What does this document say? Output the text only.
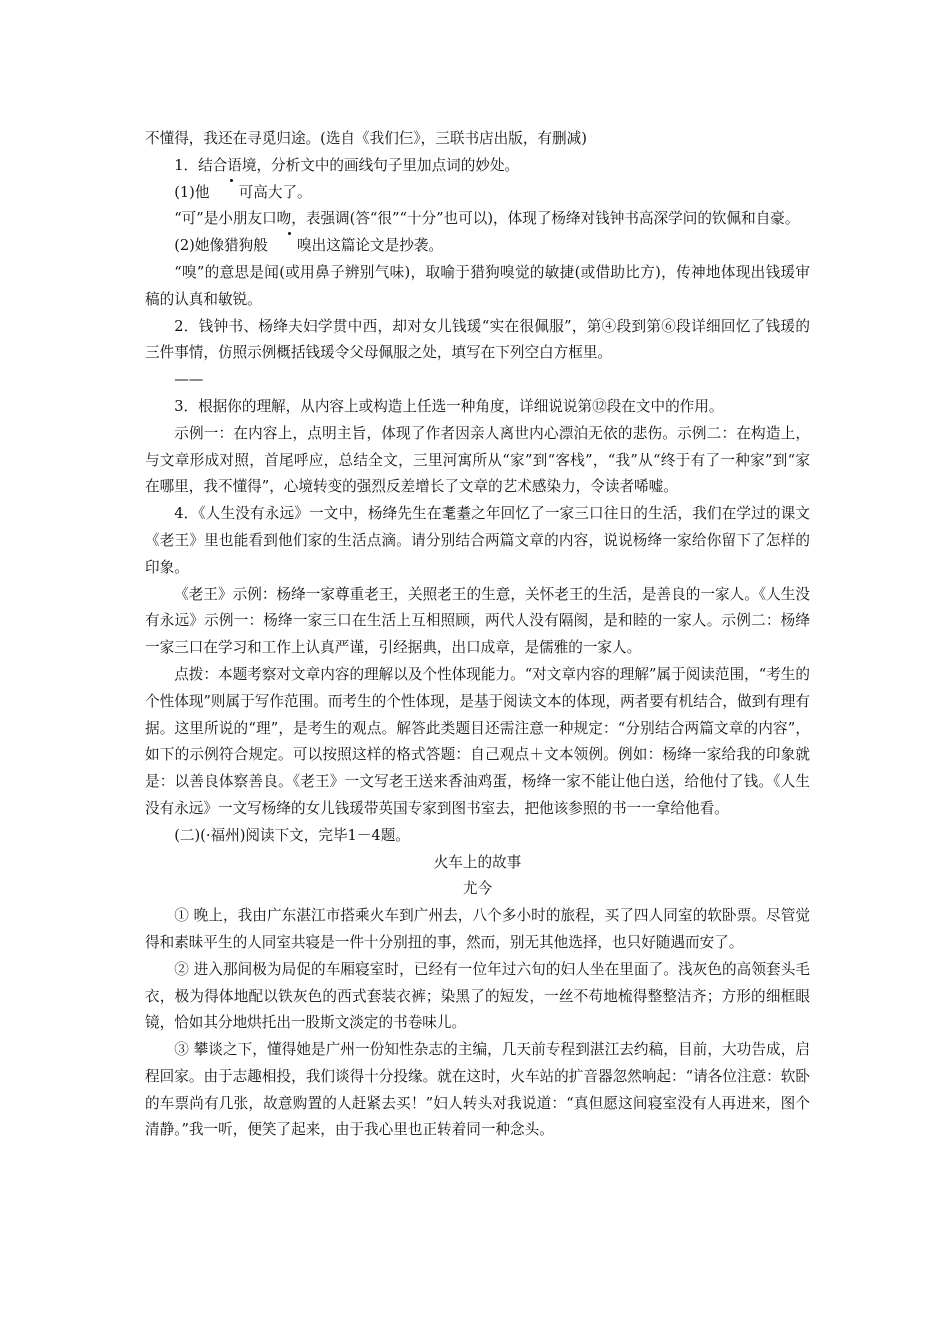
不懂得，我还在寻觅归途。(选自《我们仨》，三联书店出版，有删减)

1．结合语境，分析文中的画线句子里加点词的妙处。

(1)他 可高大了。

“可”是小朋友口吻，表强调(答“很”“十分”也可以)，体现了杨绛对钱钟书高深学问的钦佩和自豪。

(2)她像猎狗般 嗅出这篇论文是抄袭。

“嗅”的意思是闻(或用鼻子辨别气味)，取喻于猎狗嗅觉的敏捷(或借助比方)，传神地体现出钱瑗审稿的认真和敏锐。

2．钱钟书、杨绛夫妇学贯中西，却对女儿钱瑗“实在很佩服”，第④段到第⑥段详细回忆了钱瑗的三件事情，仿照示例概括钱瑗令父母佩服之处，填写在下列空白方框里。

——

3．根据你的理解，从内容上或构造上任选一种角度，详细说说第⑫段在文中的作用。

示例一：在内容上，点明主旨，体现了作者因亲人离世内心漂泊无依的悲伤。示例二：在构造上，与文章形成对照，首尾呼应，总结全文，三里河寓所从“家”到“客栈”，“我”从“终于有了一种家”到“家在哪里，我不懂得”，心境转变的强烈反差增长了文章的艺术感染力，令读者唏嘘。

4．《人生没有永远》一文中，杨绛先生在耄耋之年回忆了一家三口往日的生活，我们在学过的课文《老王》里也能看到他们家的生活点滴。请分别结合两篇文章的内容，说说杨绛一家给你留下了怎样的印象。

《老王》示例：杨绛一家尊重老王，关照老王的生意，关怀老王的生活，是善良的一家人。《人生没有永远》示例一：杨绛一家三口在生活上互相照顾，两代人没有隔阂，是和睦的一家人。示例二：杨绛一家三口在学习和工作上认真严谨，引经据典，出口成章，是儒雅的一家人。

点拨：本题考察对文章内容的理解以及个性体现能力。“对文章内容的理解”属于阅读范围，“考生的个性体现”则属于写作范围。而考生的个性体现，是基于阅读文本的体现，两者要有机结合，做到有理有据。这里所说的“理”，是考生的观点。解答此类题目还需注意一种规定：“分别结合两篇文章的内容”，如下的示例符合规定。可以按照这样的格式答题：自己观点＋文本领例。例如：杨绛一家给我的印象就是：以善良体察善良。《老王》一文写老王送来香油鸡蛋，杨绛一家不能让他白送，给他付了钱。《人生没有永远》一文写杨绛的女儿钱瑗带英国专家到图书室去，把他该参照的书一一拿给他看。

(二)(·福州)阅读下文，完毕1－4题。

火车上的故事

尤今

① 晚上，我由广东湛江市搭乘火车到广州去，八个多小时的旅程，买了四人同室的软卧票。尽管觉得和素昧平生的人同室共寝是一件十分别扭的事，然而，别无其他选择，也只好随遇而安了。

② 进入那间极为局促的车厢寝室时，已经有一位年过六旬的妇人坐在里面了。浅灰色的高领套头毛衣，极为得体地配以铁灰色的西式套装衣裤；染黑了的短发，一丝不苟地梳得整整洁齐；方形的细框眼镜，恰如其分地烘托出一股斯文淡定的书卷味儿。

③ 攀谈之下，懂得她是广州一份知性杂志的主编，几天前专程到湛江去约稿，目前，大功告成，启程回家。由于志趣相投，我们谈得十分投缘。就在这时，火车站的扩音器忽然响起：“请各位注意：软卧的车票尚有几张，故意购置的人赶紧去买！”妇人转头对我说道：“真但愿这间寝室没有人再进来，图个清静。”我一听，便笑了起来，由于我心里也正转着同一种念头。
